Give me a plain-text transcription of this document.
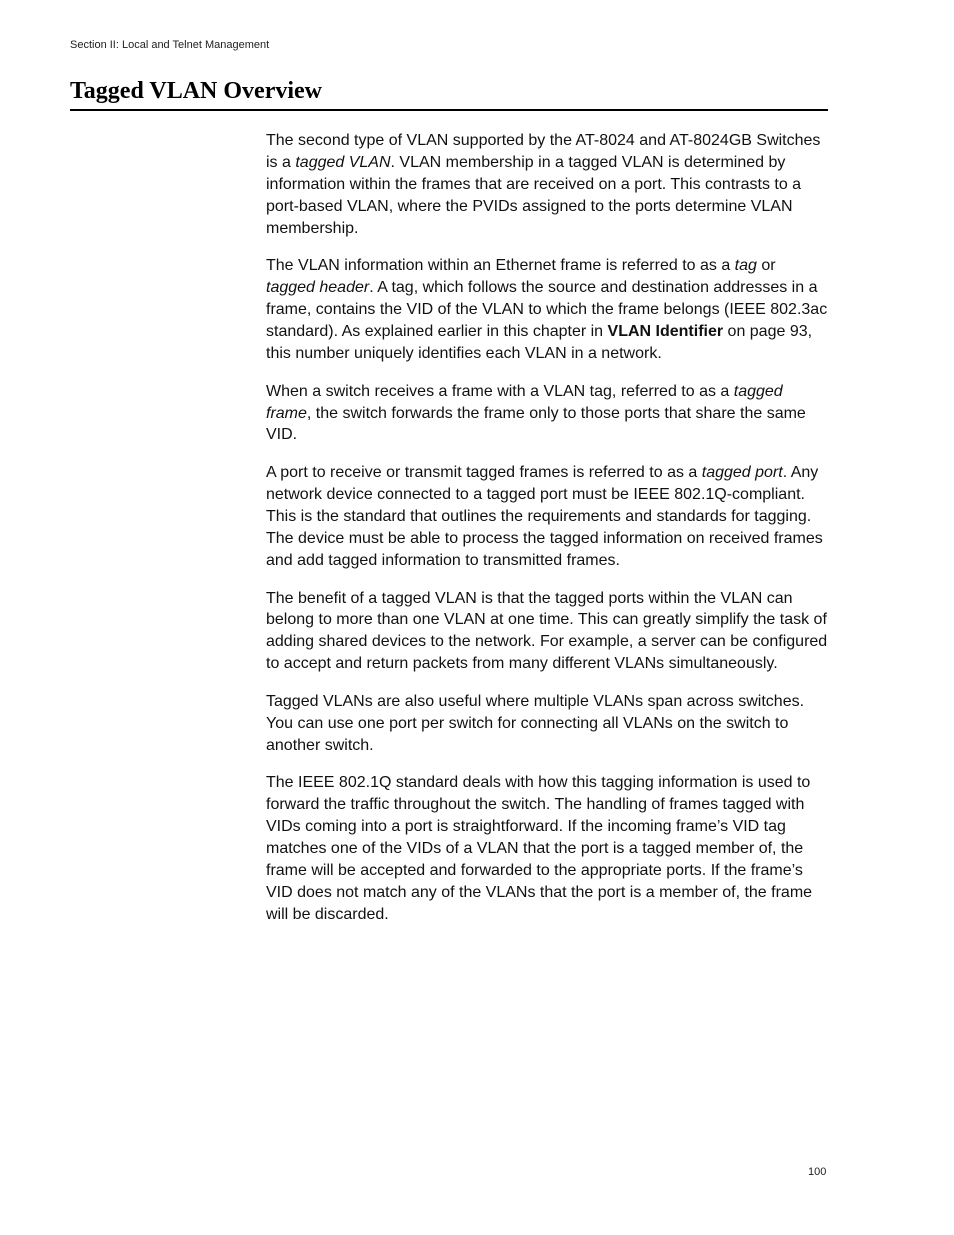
Section II: Local and Telnet Management
Tagged VLAN Overview

The second type of VLAN supported by the AT-8024 and AT-8024GB Switches is a tagged VLAN. VLAN membership in a tagged VLAN is determined by information within the frames that are received on a port. This contrasts to a port-based VLAN, where the PVIDs assigned to the ports determine VLAN membership.

The VLAN information within an Ethernet frame is referred to as a tag or tagged header. A tag, which follows the source and destination addresses in a frame, contains the VID of the VLAN to which the frame belongs (IEEE 802.3ac standard). As explained earlier in this chapter in VLAN Identifier on page 93, this number uniquely identifies each VLAN in a network.

When a switch receives a frame with a VLAN tag, referred to as a tagged frame, the switch forwards the frame only to those ports that share the same VID.

A port to receive or transmit tagged frames is referred to as a tagged port. Any network device connected to a tagged port must be IEEE 802.1Q-compliant. This is the standard that outlines the requirements and standards for tagging. The device must be able to process the tagged information on received frames and add tagged information to transmitted frames.

The benefit of a tagged VLAN is that the tagged ports within the VLAN can belong to more than one VLAN at one time. This can greatly simplify the task of adding shared devices to the network. For example, a server can be configured to accept and return packets from many different VLANs simultaneously.

Tagged VLANs are also useful where multiple VLANs span across switches. You can use one port per switch for connecting all VLANs on the switch to another switch.

The IEEE 802.1Q standard deals with how this tagging information is used to forward the traffic throughout the switch. The handling of frames tagged with VIDs coming into a port is straightforward. If the incoming frame’s VID tag matches one of the VIDs of a VLAN that the port is a tagged member of, the frame will be accepted and forwarded to the appropriate ports. If the frame’s VID does not match any of the VLANs that the port is a member of, the frame will be discarded.

100
